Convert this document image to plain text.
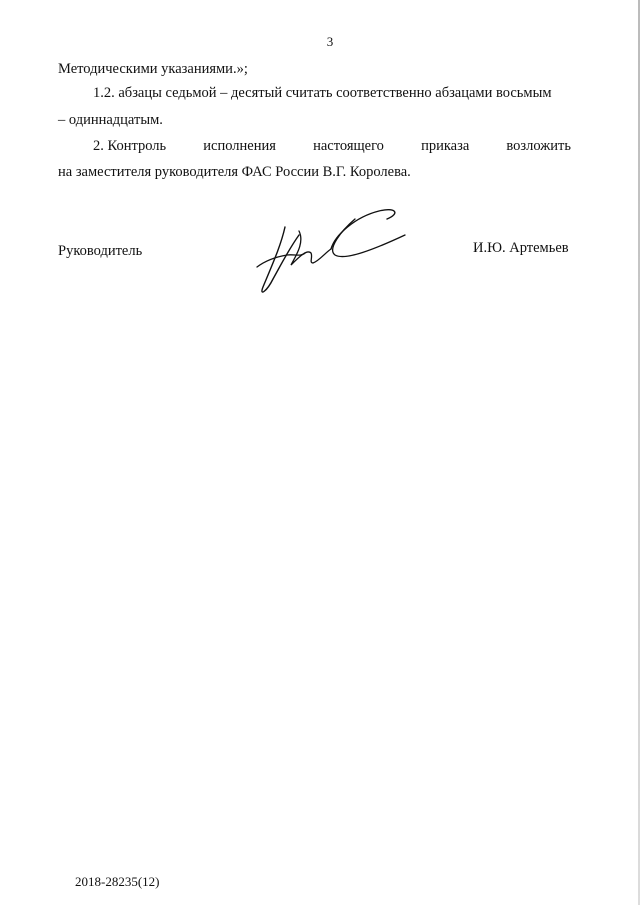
3
Методическими указаниями.»;
1.2. абзацы седьмой – десятый считать соответственно абзацами восьмым
– одиннадцатым.
2. Контроль	исполнения	настоящего	приказа	возложить
на заместителя руководителя ФАС России В.Г. Королева.
Руководитель	И.Ю. Артемьев
2018-28235(12)
